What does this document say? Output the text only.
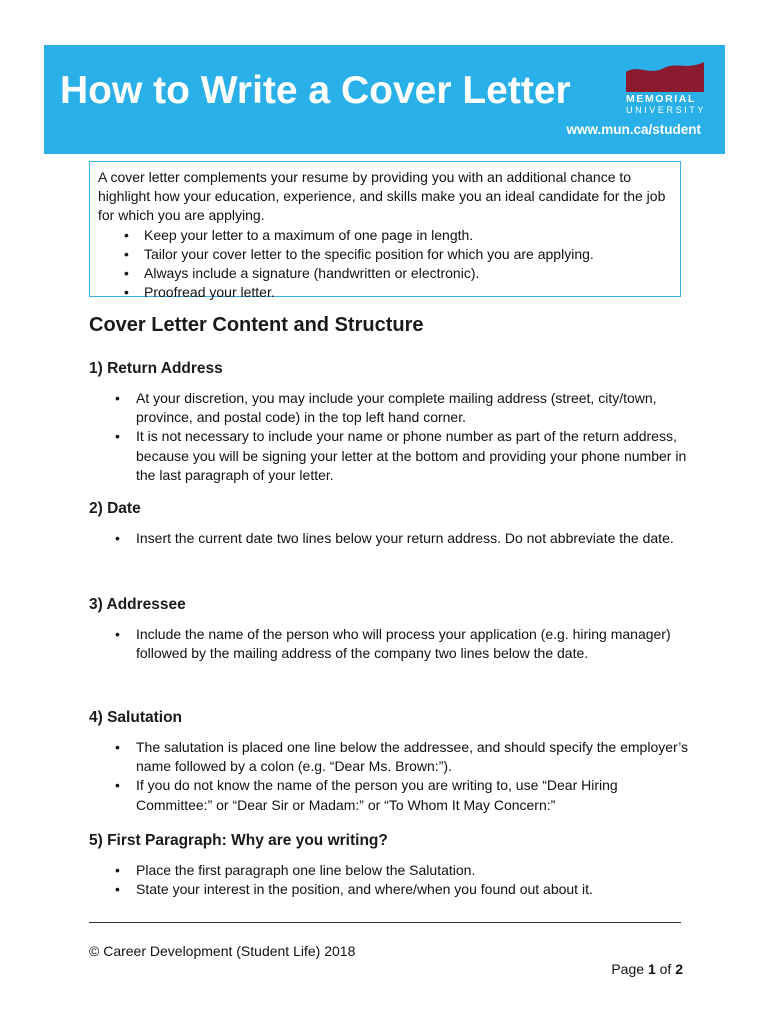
How to Write a Cover Letter	MEMORIAL
UNIVERSITY
www.mun.ca/student

A cover letter complements your resume by providing you with an additional chance to highlight how your education, experience, and skills make you an ideal candidate for the job for which you are applying.

• Keep your letter to a maximum of one page in length.
• Tailor your cover letter to the specific position for which you are applying.
• Always include a signature (handwritten or electronic).
• Proofread your letter.
Cover Letter Content and Structure
1) Return Address
• At your discretion, you may include your complete mailing address (street, city/town, province, and postal code) in the top left hand corner.
• It is not necessary to include your name or phone number as part of the return address, because you will be signing your letter at the bottom and providing your phone number in the last paragraph of your letter.
2) Date
• Insert the current date two lines below your return address. Do not abbreviate the date.
3) Addressee
• Include the name of the person who will process your application (e.g. hiring manager) followed by the mailing address of the company two lines below the date.
4) Salutation
• The salutation is placed one line below the addressee, and should specify the employer’s name followed by a colon (e.g. “Dear Ms. Brown:”).
• If you do not know the name of the person you are writing to, use “Dear Hiring Committee:” or “Dear Sir or Madam:” or “To Whom It May Concern:”
5) First Paragraph: Why are you writing?
• Place the first paragraph one line below the Salutation.
• State your interest in the position, and where/when you found out about it.
© Career Development (Student Life) 2018
Page 1 of 2
